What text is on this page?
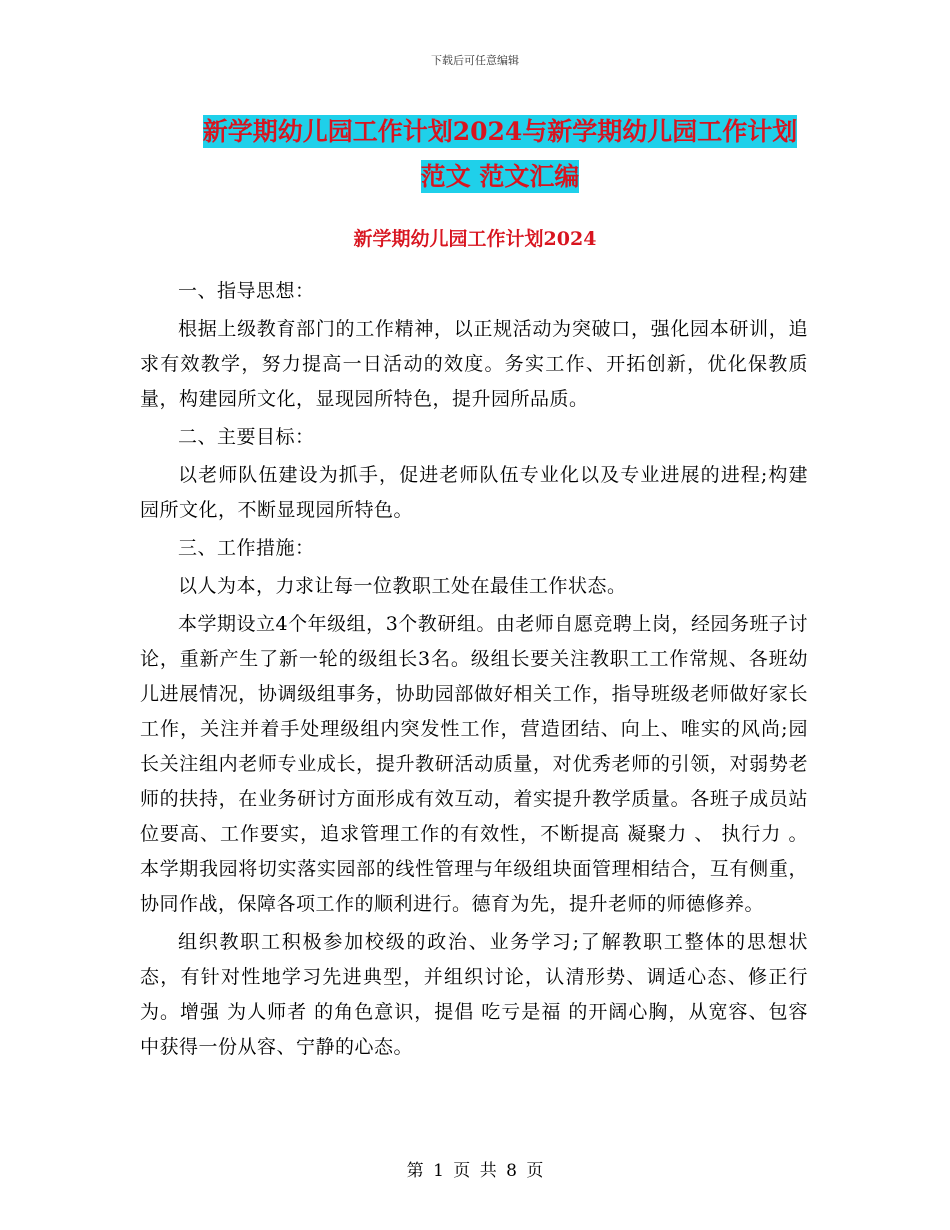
下载后可任意编辑
新学期幼儿园工作计划2024与新学期幼儿园工作计划
范文 范文汇编
新学期幼儿园工作计划2024

一、指导思想：

根据上级教育部门的工作精神，以正规活动为突破口，强化园本研训，追求有效教学，努力提高一日活动的效度。务实工作、开拓创新，优化保教质量，构建园所文化，显现园所特色，提升园所品质。

二、主要目标：

以老师队伍建设为抓手，促进老师队伍专业化以及专业进展的进程;构建园所文化，不断显现园所特色。

三、工作措施：

以人为本，力求让每一位教职工处在最佳工作状态。

本学期设立4个年级组，3个教研组。由老师自愿竞聘上岗，经园务班子讨论，重新产生了新一轮的级组长3名。级组长要关注教职工工作常规、各班幼儿进展情况，协调级组事务，协助园部做好相关工作，指导班级老师做好家长工作，关注并着手处理级组内突发性工作，营造团结、向上、唯实的风尚;园长关注组内老师专业成长，提升教研活动质量，对优秀老师的引领，对弱势老师的扶持，在业务研讨方面形成有效互动，着实提升教学质量。各班子成员站位要高、工作要实，追求管理工作的有效性，不断提高 凝聚力 、 执行力 。本学期我园将切实落实园部的线性管理与年级组块面管理相结合，互有侧重，协同作战，保障各项工作的顺利进行。德育为先，提升老师的师德修养。

组织教职工积极参加校级的政治、业务学习;了解教职工整体的思想状态，有针对性地学习先进典型，并组织讨论，认清形势、调适心态、修正行为。增强 为人师者 的角色意识，提倡 吃亏是福 的开阔心胸，从宽容、包容中获得一份从容、宁静的心态。

第 1 页 共 8 页
